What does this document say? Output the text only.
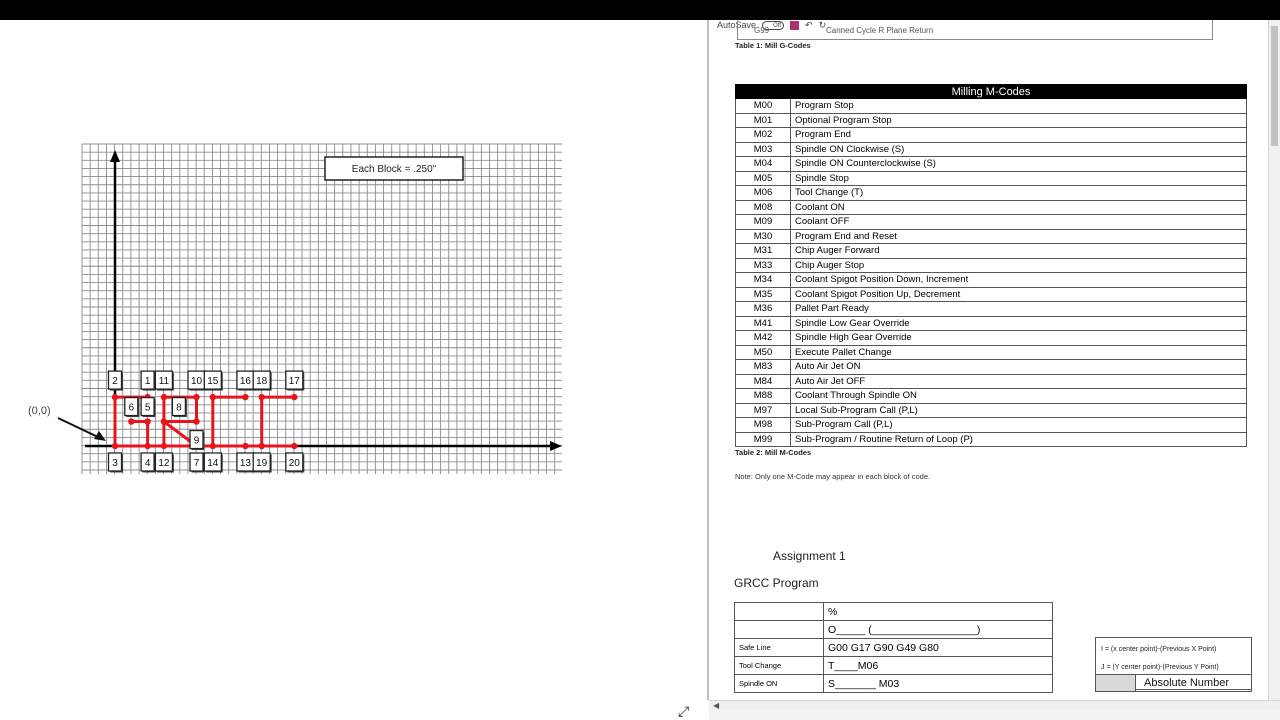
Each Block = .250"
(0,0)
1
2
3	4
5
6
7
8
9
10
11
12	13
14
15 16	17
18
19 20
AutoSave	Off	↶ ↻
G99	Canned Cycle R Plane Return
Table 1: Mill G-Codes
Milling M-Codes	
M00	Program Stop
M01	Optional Program Stop
M02	Program End
M03	Spindle ON Clockwise (S)
M04	Spindle ON Counterclockwise (S)
M05	Spindle Stop
M06	Tool Change (T)
M08	Coolant ON
M09	Coolant OFF
M30	Program End and Reset
M31	Chip Auger Forward
M33	Chip Auger Stop
M34	Coolant Spigot Position Down, Increment
M35	Coolant Spigot Position Up, Decrement
M36	Pallet Part Ready
M41	Spindle Low Gear Override
M42	Spindle High Gear Override
M50	Execute Pallet Change
M83	Auto Air Jet ON
M84	Auto Air Jet OFF
M88	Coolant Through Spindle ON
M97	Local Sub-Program Call (P,L)
M98	Sub-Program Call (P,L)
M99	Sub-Program / Routine Return of Loop (P)
Table 2: Mill M-Codes
Note: Only one M-Code may appear in each block of code.
Assignment 1
GRCC Program
	%
	O_____ (__________________)
Safe Line	G00 G17 G90 G49 G80
Tool Change	T____M06
Spindle ON	S_______ M03
I = (x center point)-(Previous X Point)
J = (Y center point)-(Previous Y Point)
Absolute Number
◀
⤢
